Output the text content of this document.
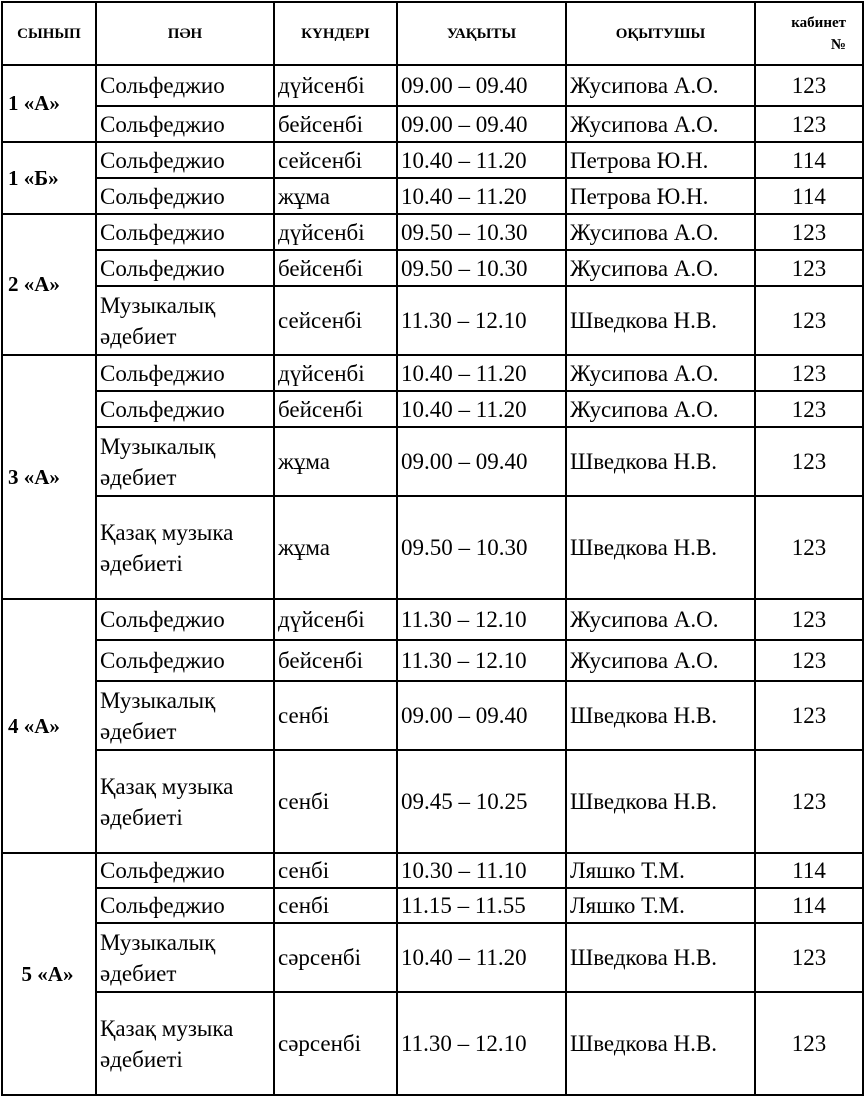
СЫНЫП	ПӘН	КҮНДЕРІ	УАҚЫТЫ	ОҚЫТУШЫ	кабинет
№
1 «А»	Сольфеджио	дүйсенбі	09.00 – 09.40	Жусипова А.О.	123
	Сольфеджио	бейсенбі	09.00 – 09.40	Жусипова А.О.	123
1 «Б»	Сольфеджио	сейсенбі	10.40 – 11.20	Петрова Ю.Н.	114
	Сольфеджио	жұма	10.40 – 11.20	Петрова Ю.Н.	114
2 «А»	Сольфеджио	дүйсенбі	09.50 – 10.30	Жусипова А.О.	123
	Сольфеджио	бейсенбі	09.50 – 10.30	Жусипова А.О.	123
	Музыкалық әдебиет	сейсенбі	11.30 – 12.10	Шведкова Н.В.	123
3 «А»	Сольфеджио	дүйсенбі	10.40 – 11.20	Жусипова А.О.	123
	Сольфеджио	бейсенбі	10.40 – 11.20	Жусипова А.О.	123
	Музыкалық әдебиет	жұма	09.00 – 09.40	Шведкова Н.В.	123
	Қазақ музыка әдебиеті	жұма	09.50 – 10.30	Шведкова Н.В.	123
4 «А»	Сольфеджио	дүйсенбі	11.30 – 12.10	Жусипова А.О.	123
	Сольфеджио	бейсенбі	11.30 – 12.10	Жусипова А.О.	123
	Музыкалық әдебиет	сенбі	09.00 – 09.40	Шведкова Н.В.	123
	Қазақ музыка әдебиеті	сенбі	09.45 – 10.25	Шведкова Н.В.	123
5 «А»	Сольфеджио	сенбі	10.30 – 11.10	Ляшко Т.М.	114
	Сольфеджио	сенбі	11.15 – 11.55	Ляшко Т.М.	114
	Музыкалық әдебиет	сәрсенбі	10.40 – 11.20	Шведкова Н.В.	123
	Қазақ музыка әдебиеті	сәрсенбі	11.30 – 12.10	Шведкова Н.В.	123
